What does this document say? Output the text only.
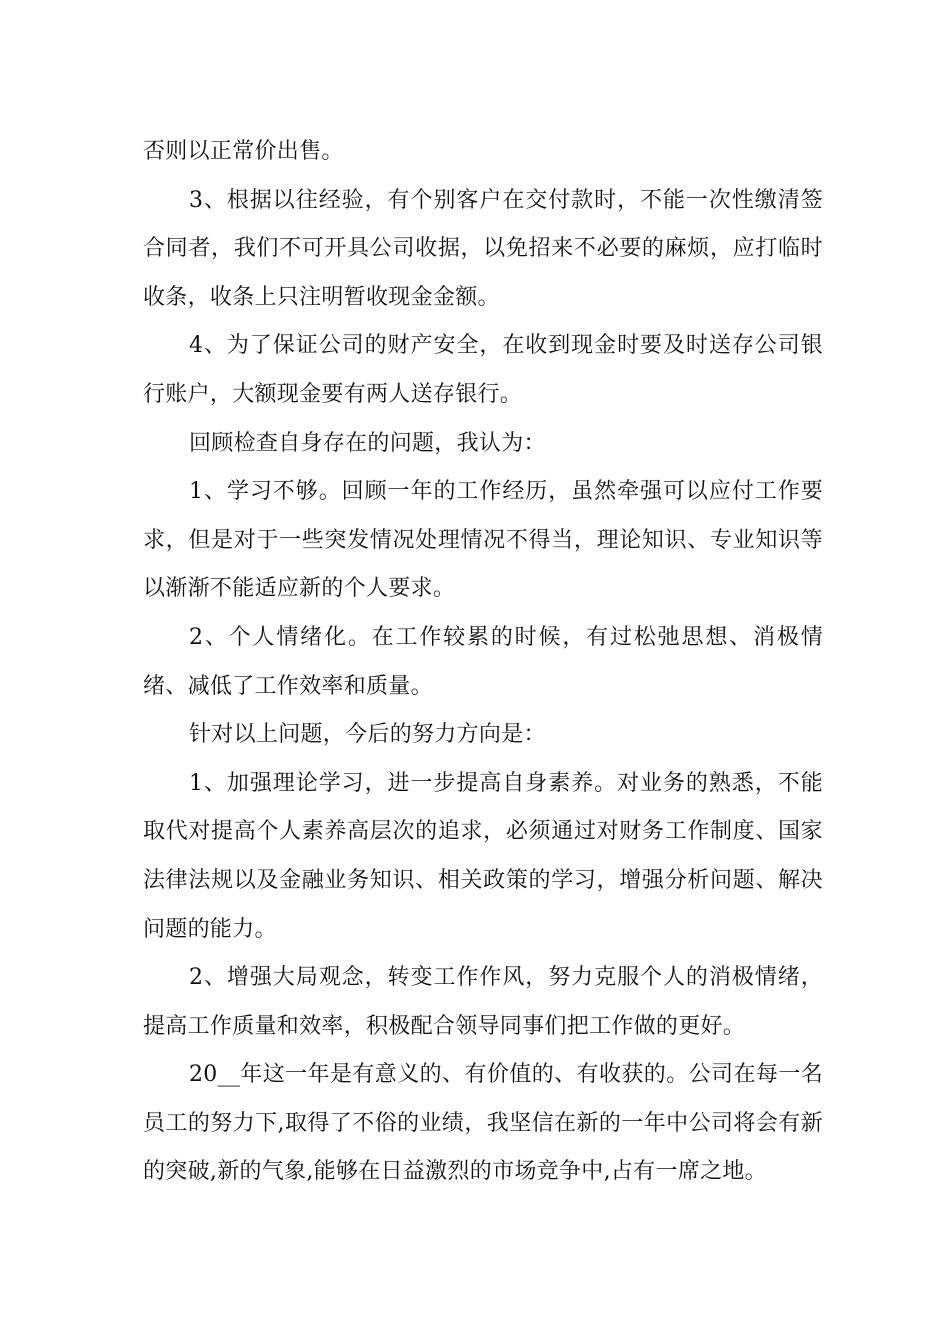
否则以正常价出售。

3、根据以往经验，有个别客户在交付款时，不能一次性缴清签合同者，我们不可开具公司收据，以免招来不必要的麻烦，应打临时收条，收条上只注明暂收现金金额。

4、为了保证公司的财产安全，在收到现金时要及时送存公司银行账户，大额现金要有两人送存银行。

回顾检查自身存在的问题，我认为：

1、学习不够。回顾一年的工作经历，虽然牵强可以应付工作要求，但是对于一些突发情况处理情况不得当，理论知识、专业知识等以渐渐不能适应新的个人要求。

2、个人情绪化。在工作较累的时候，有过松弛思想、消极情绪、减低了工作效率和质量。

针对以上问题，今后的努力方向是：

1、加强理论学习，进一步提高自身素养。对业务的熟悉，不能取代对提高个人素养高层次的追求，必须通过对财务工作制度、国家法律法规以及金融业务知识、相关政策的学习，增强分析问题、解决问题的能力。

2、增强大局观念，转变工作作风，努力克服个人的消极情绪，提高工作质量和效率，积极配合领导同事们把工作做的更好。

20__年这一年是有意义的、有价值的、有收获的。公司在每一名员工的努力下,取得了不俗的业绩，我坚信在新的一年中公司将会有新的突破,新的气象,能够在日益激烈的市场竞争中,占有一席之地。
